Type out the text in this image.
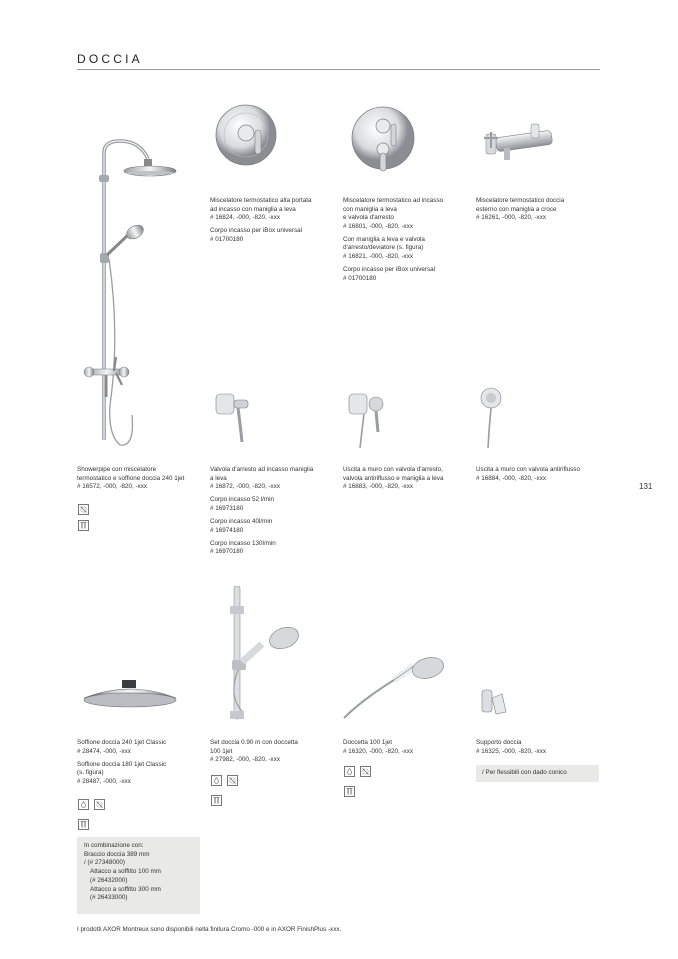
DOCCIA
131

Miscelatore termostatico alta portata
ad incasso con maniglia a leva
# 16824, -000, -820, -xxx

Corpo incasso per iBox universal
# 01700180

Miscelatore termostatico ad incasso
con maniglia a leva
e valvola d'arresto
# 16801, -000, -820, -xxx

Con maniglia a leva e valvola
d'arresto/deviatore (s. figura)
# 16821, -000, -820, -xxx

Corpo incasso per iBox universal
# 01700180

Miscelatore termostatico doccia
esterno con maniglia a croce
# 16261, -000, -820, -xxx

Showerpipe con miscelatore
termostatico e soffione doccia 240 1jet
# 16572, -000, -820, -xxx

Valvola d'arresto ad incasso maniglia
a leva
# 16872, -000, -820, -xxx

Corpo incasso 52 l/min
# 16973180

Corpo incasso 40l/min
# 16974180

Corpo incasso 130l/min
# 16970180

Uscita a muro con valvola d'arresto,
valvola antiriflusso e maniglia a leva
# 16883, -000, -820, -xxx

Uscita a muro con valvola antiriflusso
# 16884, -000, -820, -xxx

Soffione doccia 240 1jet Classic
# 28474, -000, -xxx

Soffione doccia 180 1jet Classic
(s. figura)
# 28487, -000, -xxx

Set doccia 0.90 m con doccetta
100 1jet
# 27982, -000, -820, -xxx

Doccetta 100 1jet
# 16320, -000, -820, -xxx

Supporto doccia
# 16325, -000, -820, -xxx

/ Per flessibili con dado conico
In combinazione con:
Braccio doccia 389 mm
/ (# 27348000)
Attacco a soffitto 100 mm
(# 26432000)
Attacco a soffitto 300 mm
(# 26433000)
I prodotti AXOR Montreux sono disponibili nella finitura Cromo -000 e in AXOR FinishPlus -xxx.
